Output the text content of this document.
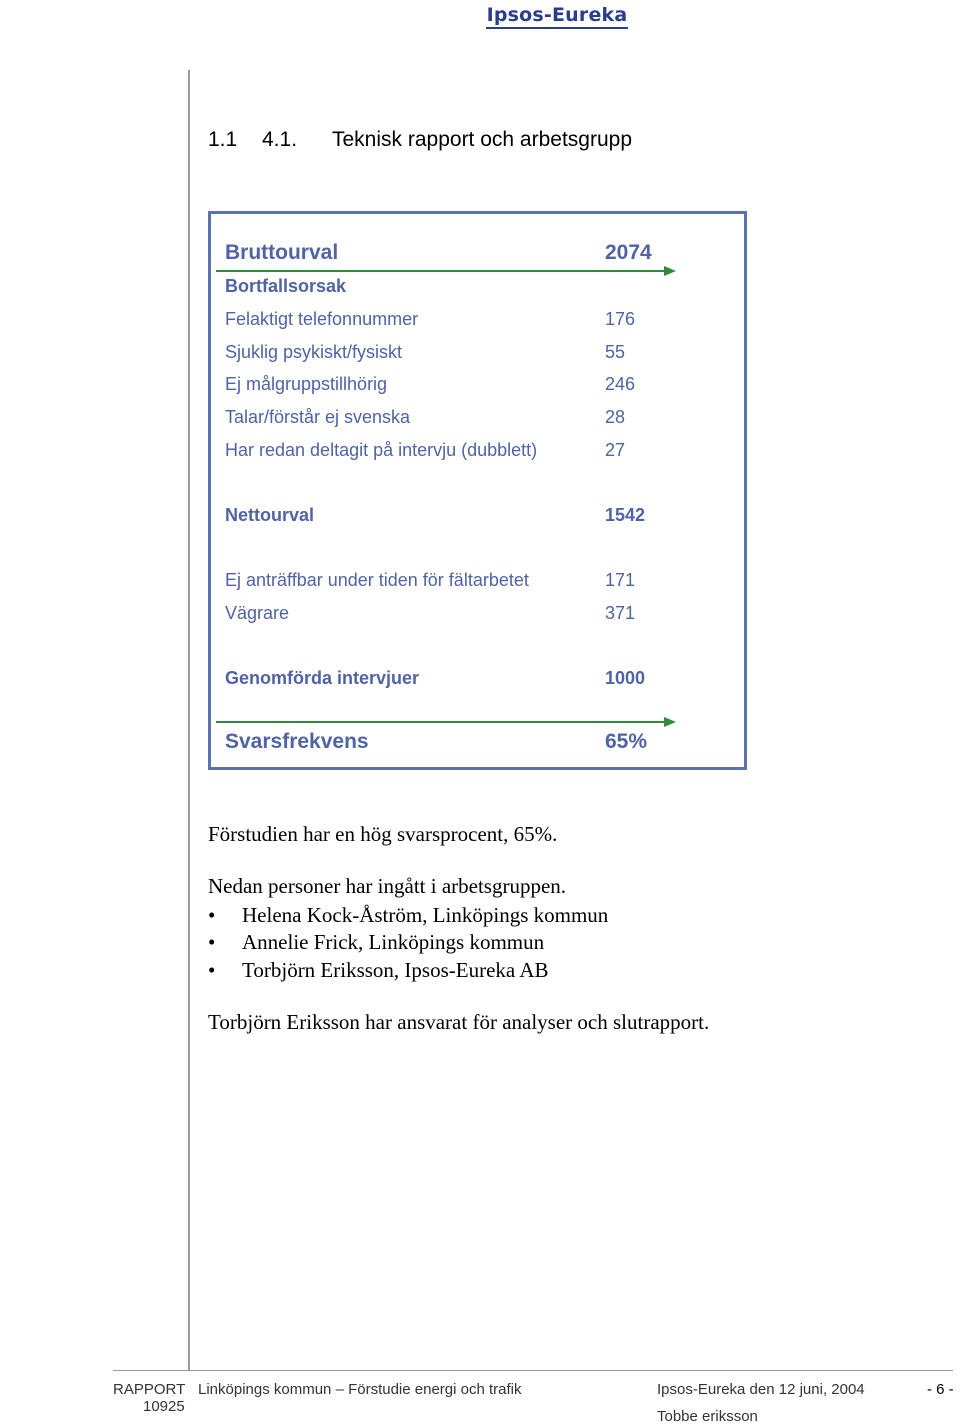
Ipsos-Eureka
1.1 4.1. Teknisk rapport och arbetsgrupp
Bruttourval	2074
Bortfallsorsak
Felaktigt telefonnummer	176
Sjuklig psykiskt/fysiskt	55
Ej målgruppstillhörig	246
Talar/förstår ej svenska	28
Har redan deltagit på intervju (dubblett)	27
Nettourval	1542
Ej anträffbar under tiden för fältarbetet	171
Vägrare	371
Genomförda intervjuer	1000
Svarsfrekvens	65%
Förstudien har en hög svarsprocent, 65%.
Nedan personer har ingått i arbetsgruppen.
• Helena Kock-Åström, Linköpings kommun
• Annelie Frick, Linköpings kommun
• Torbjörn Eriksson, Ipsos-Eureka AB
Torbjörn Eriksson har ansvarat för analyser och slutrapport.
RAPPORT
10925
Linköpings kommun – Förstudie energi och trafik	Ipsos-Eureka den 12 juni, 2004
Tobbe eriksson
- 6 -
